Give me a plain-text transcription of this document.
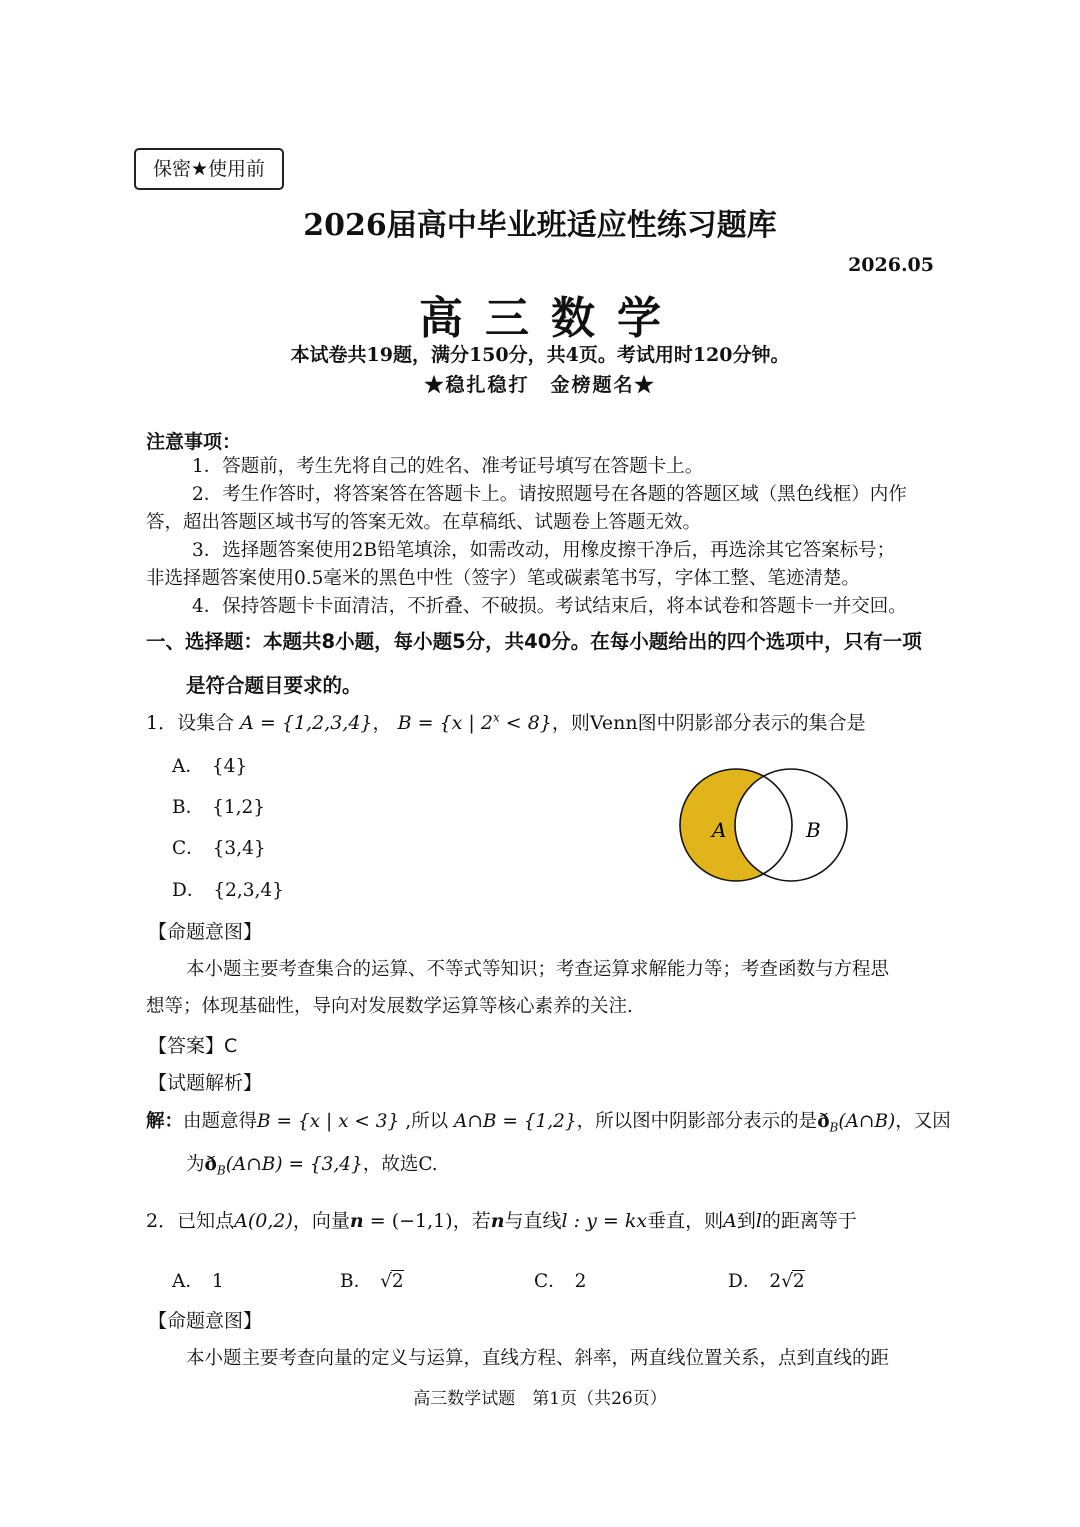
保密★使用前
2026届高中毕业班适应性练习题库
2026.05
高三数学
本试卷共19题，满分150分，共4页。考试用时120分钟。
★稳扎稳打　金榜题名★
注意事项：
1．答题前，考生先将自己的姓名、准考证号填写在答题卡上。
2．考生作答时，将答案答在答题卡上。请按照题号在各题的答题区域（黑色线框）内作
答，超出答题区域书写的答案无效。在草稿纸、试题卷上答题无效。
3．选择题答案使用2B铅笔填涂，如需改动，用橡皮擦干净后，再选涂其它答案标号；
非选择题答案使用0.5毫米的黑色中性（签字）笔或碳素笔书写，字体工整、笔迹清楚。
4．保持答题卡卡面清洁，不折叠、不破损。考试结束后，将本试卷和答题卡一并交回。
一、选择题：本题共8小题，每小题5分，共40分。在每小题给出的四个选项中，只有一项
是符合题目要求的。
1．设集合 A = {1,2,3,4}， B = {x | $2^x < 8$}，则Venn图中阴影部分表示的集合是
A． {4}
B． {1,2}
C． {3,4}
D． {2,3,4}
A	B
【命题意图】
本小题主要考查集合的运算、不等式等知识；考查运算求解能力等；考查函数与方程思
想等；体现基础性，导向对发展数学运算等核心素养的关注.
【答案】C
【试题解析】
解：由题意得B = {x | x < 3} ,所以 A∩B = {1,2}，所以图中阴影部分表示的是$ð_B(A\cap B)$，又因
为$ð_B(A\cap B) = \{3,4\}$，故选C.
2．已知点A(0,2)，向量n = (−1,1)，若n与直线l : y = kx垂直，则A到l的距离等于
A． 1	B． √2	C． 2	D． 2√2
【命题意图】
本小题主要考查向量的定义与运算，直线方程、斜率，两直线位置关系，点到直线的距
高三数学试题　第1页（共26页）
